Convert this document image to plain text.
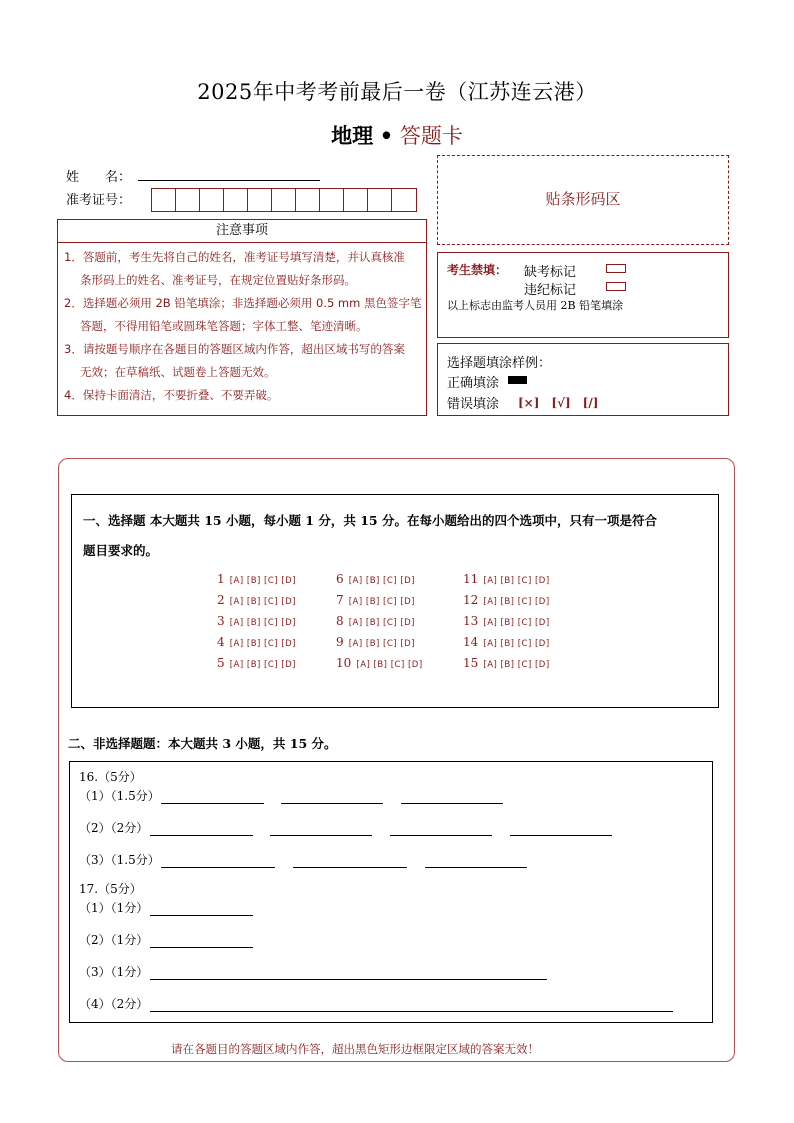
2025年中考考前最后一卷（江苏连云港）
地理 • 答题卡
姓　　名：
准考证号：	贴条形码区
注意事项
1．答题前，考生先将自己的姓名，准考证号填写清楚，并认真核准
条形码上的姓名、准考证号，在规定位置贴好条形码。
2．选择题必须用 2B 铅笔填涂；非选择题必须用 0.5 mm 黑色签字笔
答题，不得用铅笔或圆珠笔答题；字体工整、笔迹清晰。
3．请按题号顺序在各题目的答题区域内作答，超出区域书写的答案
无效；在草稿纸、试题卷上答题无效。
4．保持卡面清洁，不要折叠、不要弄破。
考生禁填： 缺考标记
违纪标记
以上标志由监考人员用 2B 铅笔填涂
选择题填涂样例：
正确填涂
错误填涂 [×]　[√]　[/]
一、选择题 本大题共 15 小题，每小题 1 分，共 15 分。在每小题给出的四个选项中，只有一项是符合
题目要求的。
1 [A] [B] [C] [D]
2 [A] [B] [C] [D]
3 [A] [B] [C] [D]
4 [A] [B] [C] [D]
5 [A] [B] [C] [D]
6 [A] [B] [C] [D]
7 [A] [B] [C] [D]
8 [A] [B] [C] [D]
9 [A] [B] [C] [D]
10 [A] [B] [C] [D]
11 [A] [B] [C] [D]
12 [A] [B] [C] [D]
13 [A] [B] [C] [D]
14 [A] [B] [C] [D]
15 [A] [B] [C] [D]
二、非选择题题：本大题共 3 小题，共 15 分。
16.（5分）
（1）（1.5分）
（2）（2分）
（3）（1.5分）
17.（5分）
（1）（1分）
（2）（1分）
（3）（1分）
（4）（2分）
请在各题目的答题区域内作答，超出黑色矩形边框限定区域的答案无效！
